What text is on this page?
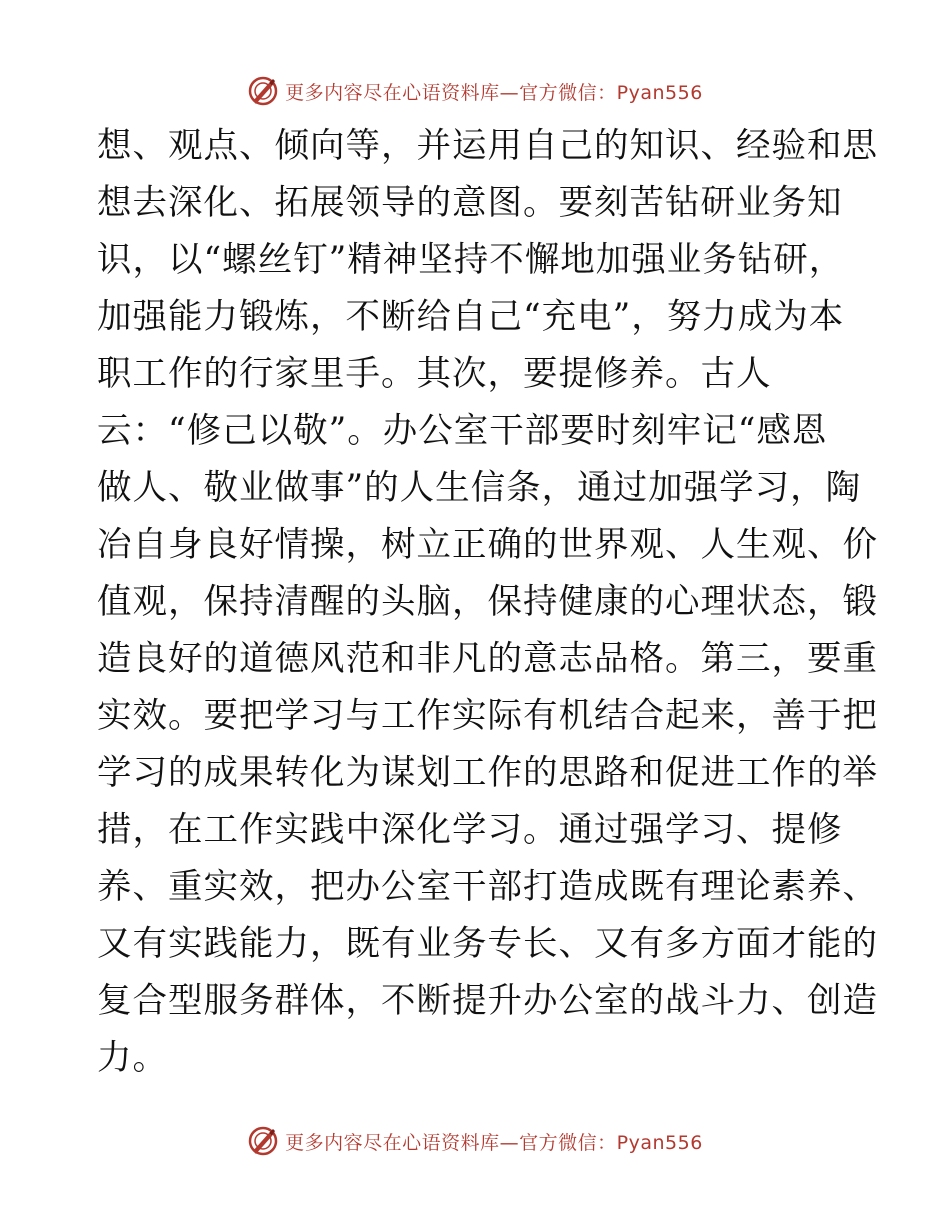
更多内容尽在心语资料库—官方微信：Pyan556
想、观点、倾向等，并运用自己的知识、经验和思
想去深化、拓展领导的意图。要刻苦钻研业务知
识，以“螺丝钉”精神坚持不懈地加强业务钻研，
加强能力锻炼，不断给自己“充电”，努力成为本
职工作的行家里手。其次，要提修养。古人
云：“修己以敬”。办公室干部要时刻牢记“感恩
做人、敬业做事”的人生信条，通过加强学习，陶
冶自身良好情操，树立正确的世界观、人生观、价
值观，保持清醒的头脑，保持健康的心理状态，锻
造良好的道德风范和非凡的意志品格。第三，要重
实效。要把学习与工作实际有机结合起来，善于把
学习的成果转化为谋划工作的思路和促进工作的举
措，在工作实践中深化学习。通过强学习、提修
养、重实效，把办公室干部打造成既有理论素养、
又有实践能力，既有业务专长、又有多方面才能的
复合型服务群体，不断提升办公室的战斗力、创造
力。
更多内容尽在心语资料库—官方微信：Pyan556
